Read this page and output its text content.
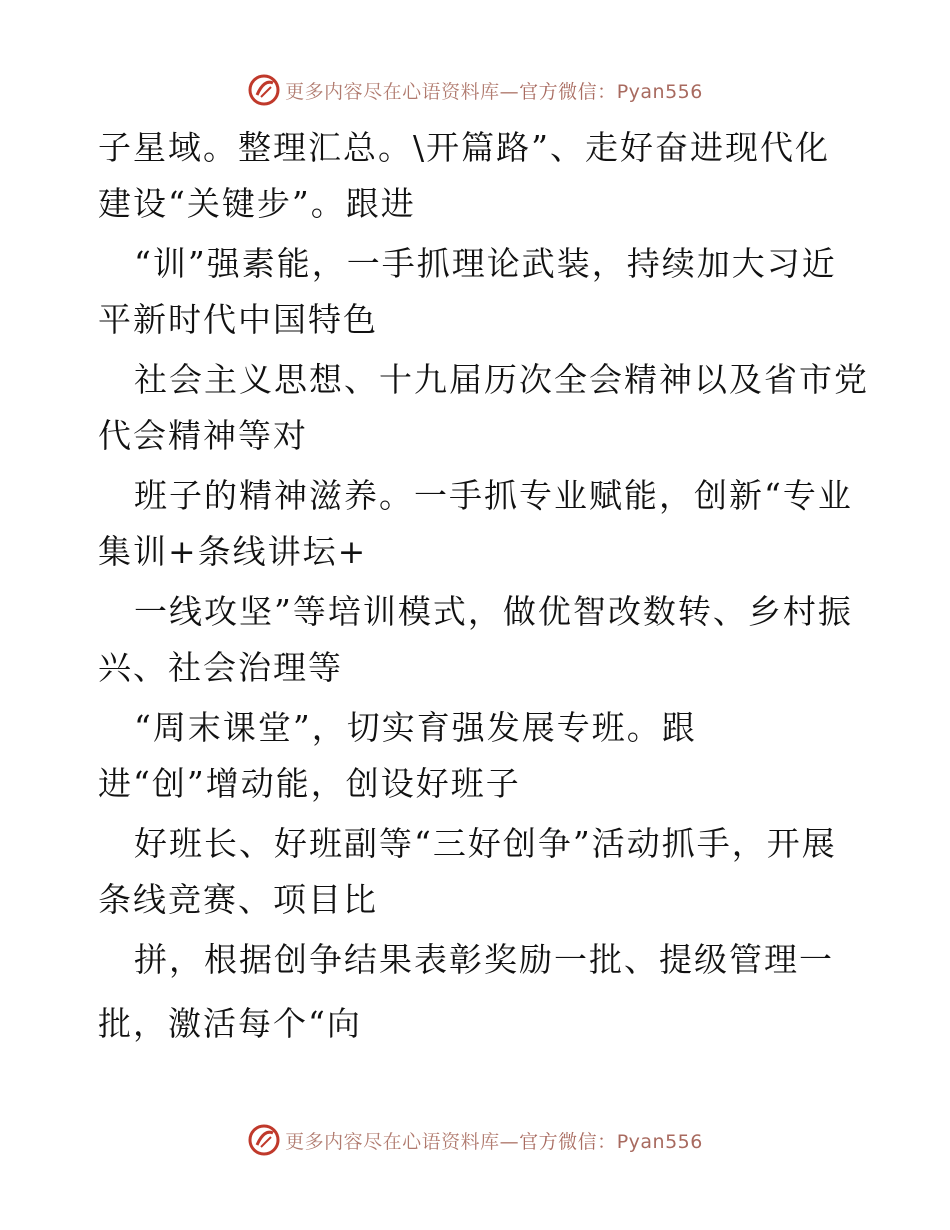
更多内容尽在心语资料库—官方微信：Pyan556
子星域。整理汇总。\开篇路”、走好奋进现代化
建设“关键步”。跟进
“训”强素能，一手抓理论武装，持续加大习近
平新时代中国特色
社会主义思想、十九届历次全会精神以及省市党
代会精神等对
班子的精神滋养。一手抓专业赋能，创新“专业
集训+条线讲坛+
一线攻坚”等培训模式，做优智改数转、乡村振
兴、社会治理等
“周末课堂”，切实育强发展专班。跟
进“创”增动能，创设好班子
好班长、好班副等“三好创争”活动抓手，开展
条线竞赛、项目比
拼，根据创争结果表彰奖励一批、提级管理一
批，激活每个“向
更多内容尽在心语资料库—官方微信：Pyan556
